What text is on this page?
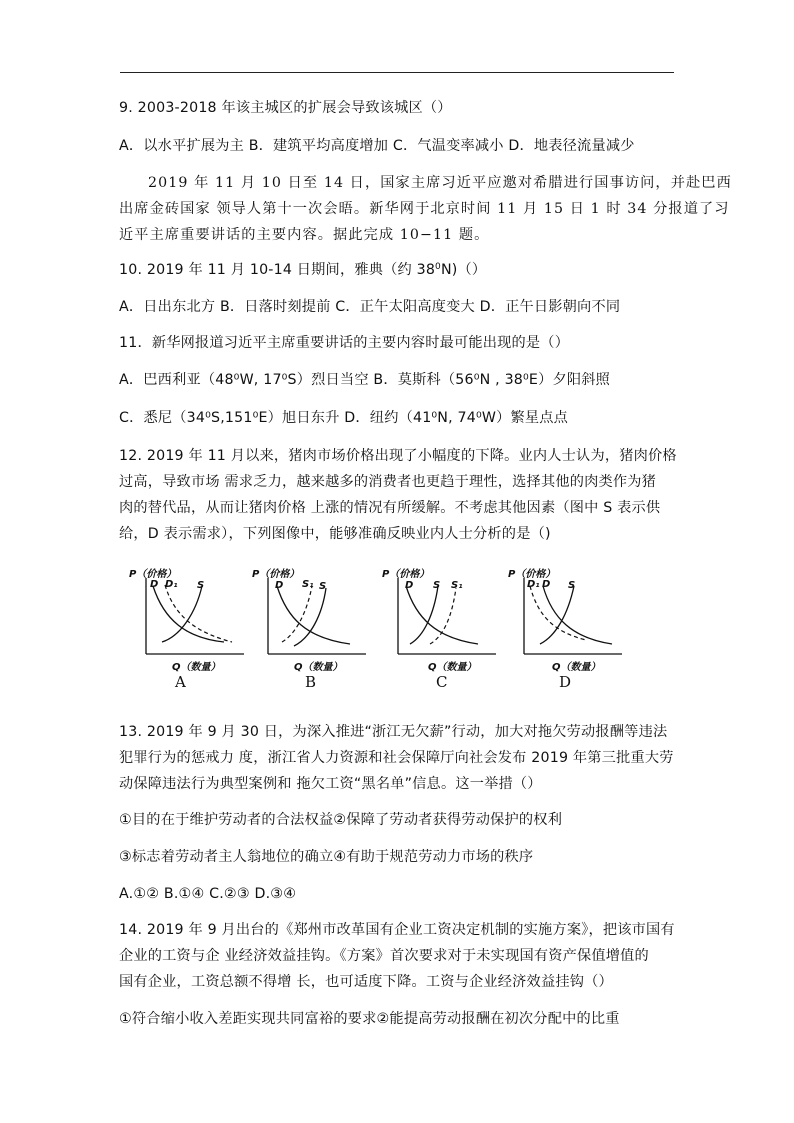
9. 2003-2018 年该主城区的扩展会导致该城区（）
A．以水平扩展为主 B．建筑平均高度增加 C．气温变率减小 D．地表径流量减少
2019 年 11 月 10 日至 14 日，国家主席习近平应邀对希腊进行国事访问，并赴巴西
出席金砖国家 领导人第十一次会晤。新华网于北京时间 11 月 15 日 1 时 34 分报道了习
近平主席重要讲话的主要内容。据此完成 10−11 题。
10. 2019 年 11 月 10-14 日期间，雅典（约 $38^0N)()$
A．日出东北方 B．日落时刻提前 C．正午太阳高度变大 D．正午日影朝向不同
11．新华网报道习近平主席重要讲话的主要内容时最可能出现的是（）
A．巴西利亚（48⁰W, 17⁰S）烈日当空 B．莫斯科（56⁰N , 38⁰E）夕阳斜照
C．悉尼（34⁰S,151⁰E）旭日东升 D．纽约（41⁰N, 74⁰W）繁星点点
12. 2019 年 11 月以来，猪肉市场价格出现了小幅度的下降。业内人士认为，猪肉价格
过高，导致市场 需求乏力，越来越多的消费者也更趋于理性，选择其他的肉类作为猪
肉的替代品，从而让猪肉价格 上涨的情况有所缓解。不考虑其他因素（图中 S 表示供
给，D 表示需求），下列图像中，能够准确反映业内人士分析的是（)
P（价格）
D D₁ S
Q（数量）
A
P（价格）
D S₁ S
Q（数量）
B
P（价格）
D S S₁
Q（数量）
C
P（价格）
D₁ D S
Q（数量）
D
13. 2019 年 9 月 30 日，为深入推进“浙江无欠薪”行动，加大对拖欠劳动报酬等违法
犯罪行为的惩戒力 度，浙江省人力资源和社会保障厅向社会发布 2019 年第三批重大劳
动保障违法行为典型案例和 拖欠工资“黑名单”信息。这一举措（）
①目的在于维护劳动者的合法权益②保障了劳动者获得劳动保护的权利
③标志着劳动者主人翁地位的确立④有助于规范劳动力市场的秩序
A.①② B.①④ C.②③ D.③④
14. 2019 年 9 月出台的《郑州市改革国有企业工资决定机制的实施方案》，把该市国有
企业的工资与企 业经济效益挂钩。《方案》首次要求对于未实现国有资产保值增值的
国有企业，工资总额不得增 长，也可适度下降。工资与企业经济效益挂钩（）
①符合缩小收入差距实现共同富裕的要求②能提高劳动报酬在初次分配中的比重
